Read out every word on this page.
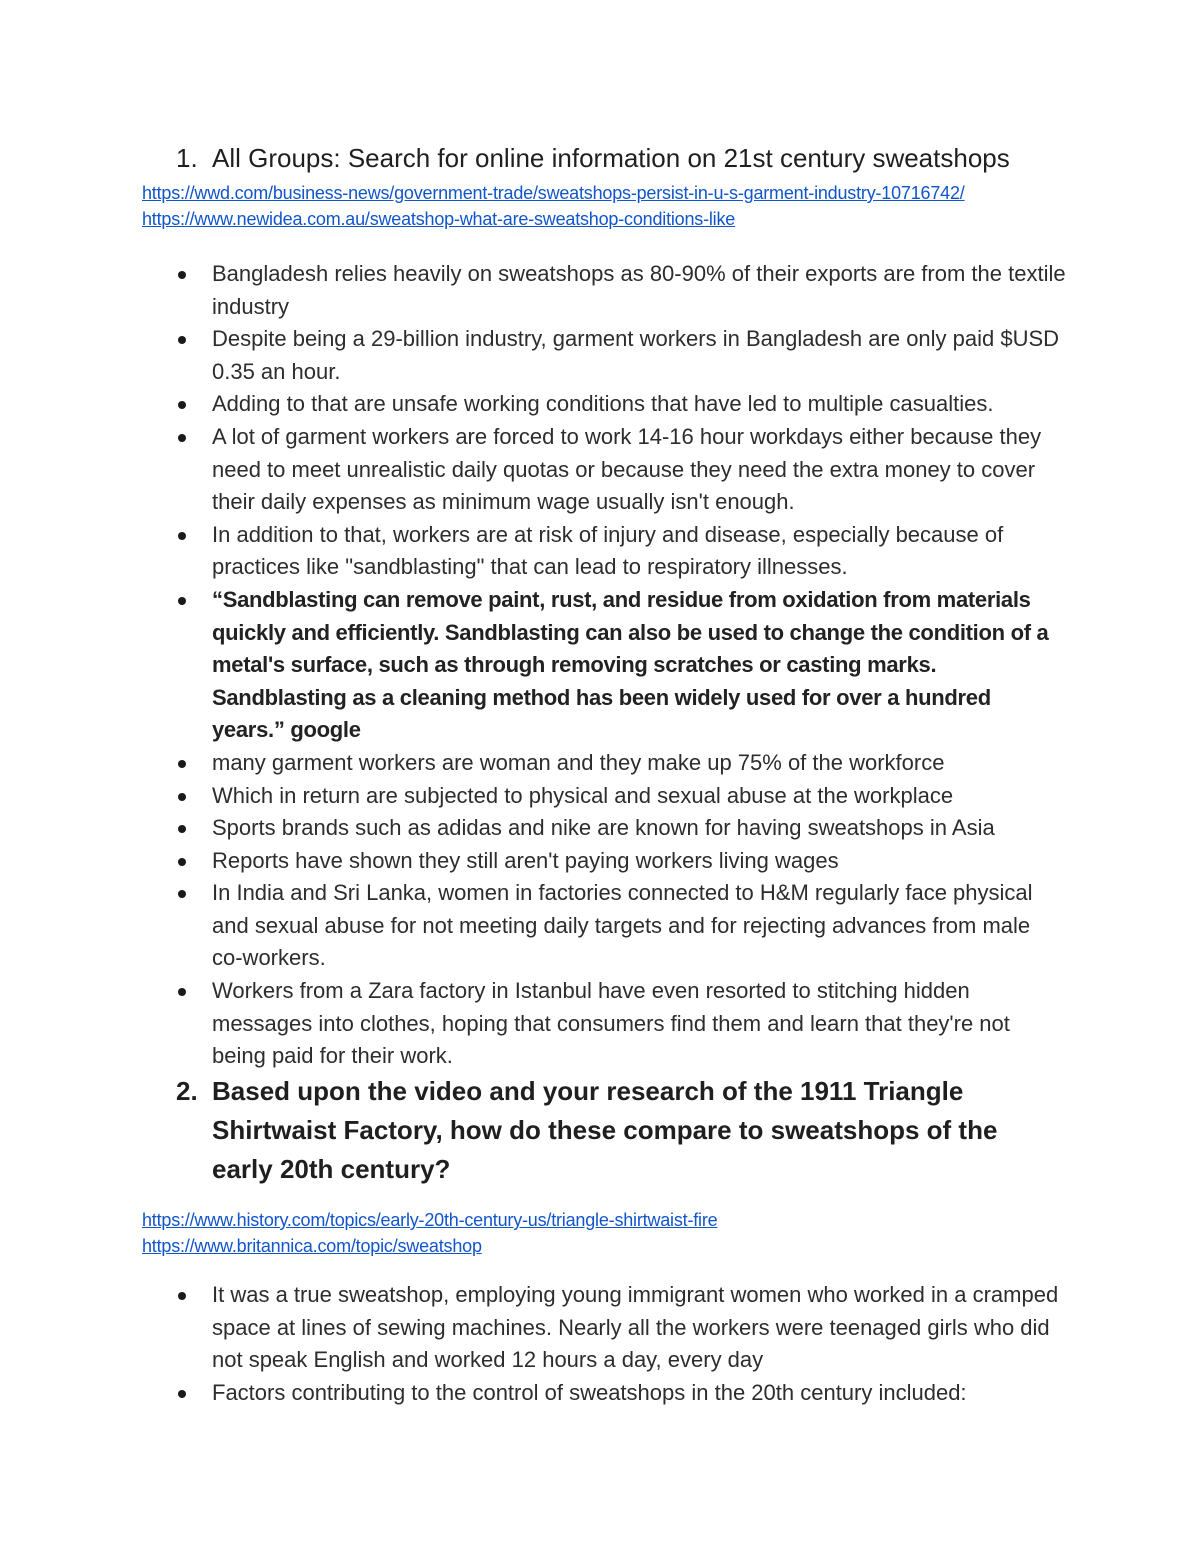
1. All Groups: Search for online information on 21st century sweatshops
https://wwd.com/business-news/government-trade/sweatshops-persist-in-u-s-garment-industry-10716742/
https://www.newidea.com.au/sweatshop-what-are-sweatshop-conditions-like
Bangladesh relies heavily on sweatshops as 80-90% of their exports are from the textile industry
Despite being a 29-billion industry, garment workers in Bangladesh are only paid $USD 0.35 an hour.
Adding to that are unsafe working conditions that have led to multiple casualties.
A lot of garment workers are forced to work 14-16 hour workdays either because they need to meet unrealistic daily quotas or because they need the extra money to cover their daily expenses as minimum wage usually isn't enough.
In addition to that, workers are at risk of injury and disease, especially because of practices like "sandblasting" that can lead to respiratory illnesses.
“Sandblasting can remove paint, rust, and residue from oxidation from materials quickly and efficiently. Sandblasting can also be used to change the condition of a metal's surface, such as through removing scratches or casting marks. Sandblasting as a cleaning method has been widely used for over a hundred years.” google
many garment workers are woman and they make up 75% of the workforce
Which in return are subjected to physical and sexual abuse at the workplace
Sports brands such as adidas and nike are known for having sweatshops in Asia
Reports have shown they still aren't paying workers living wages
In India and Sri Lanka, women in factories connected to H&M regularly face physical and sexual abuse for not meeting daily targets and for rejecting advances from male co-workers.
Workers from a Zara factory in Istanbul have even resorted to stitching hidden messages into clothes, hoping that consumers find them and learn that they're not being paid for their work.
2. Based upon the video and your research of the 1911 Triangle Shirtwaist Factory, how do these compare to sweatshops of the early 20th century?
https://www.history.com/topics/early-20th-century-us/triangle-shirtwaist-fire
https://www.britannica.com/topic/sweatshop
It was a true sweatshop, employing young immigrant women who worked in a cramped space at lines of sewing machines. Nearly all the workers were teenaged girls who did not speak English and worked 12 hours a day, every day
Factors contributing to the control of sweatshops in the 20th century included:
